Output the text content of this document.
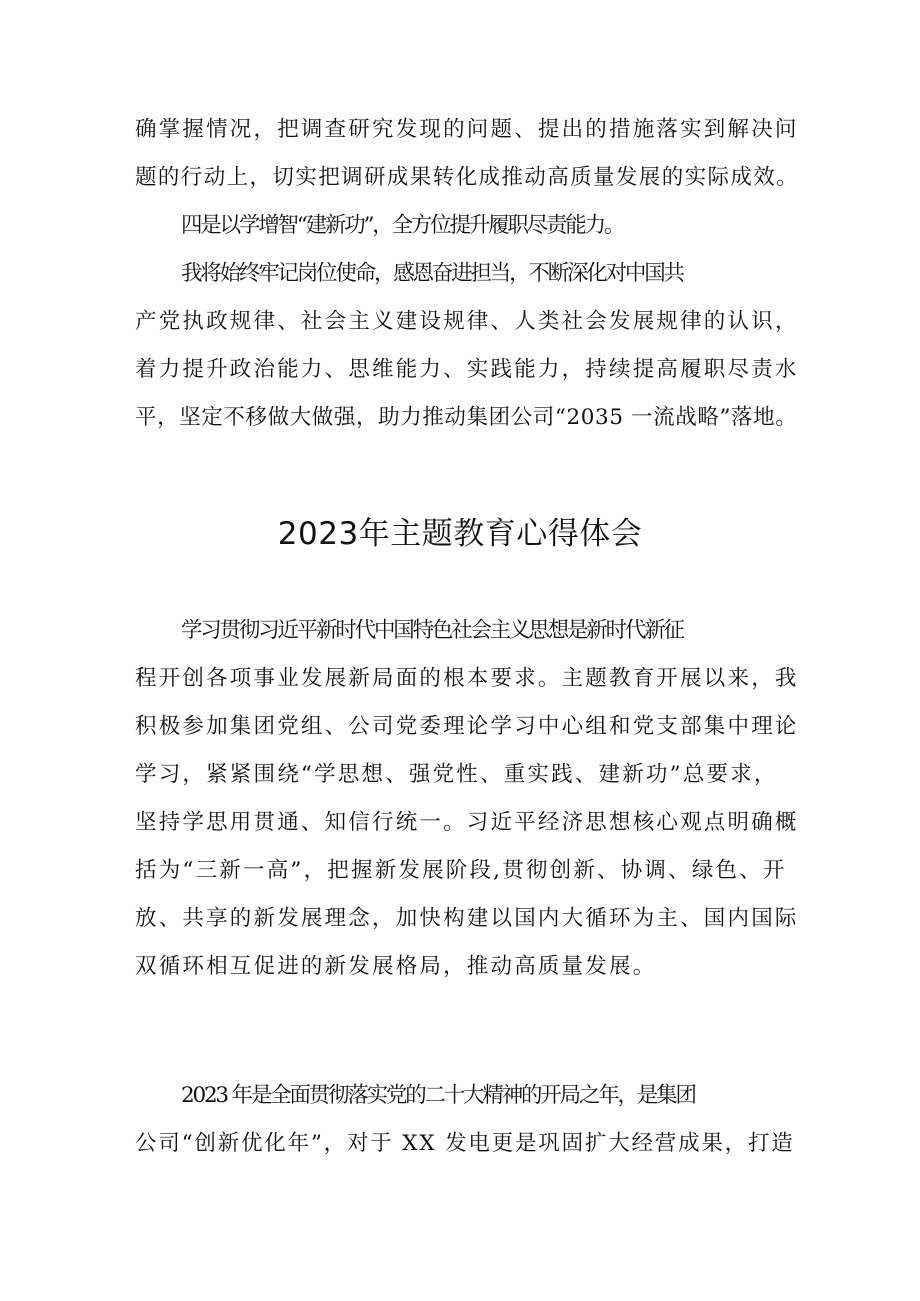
确掌握情况，把调查研究发现的问题、提出的措施落实到解决问
题的行动上，切实把调研成果转化成推动高质量发展的实际成效。
四是以学增智“建新功”，全方位提升履职尽责能力。
我将始终牢记岗位使命，感恩奋进担当，不断深化对中国共
产党执政规律、社会主义建设规律、人类社会发展规律的认识，
着力提升政治能力、思维能力、实践能力，持续提高履职尽责水
平，坚定不移做大做强，助力推动集团公司“2035 一流战略”落地。
2023年主题教育心得体会
学习贯彻习近平新时代中国特色社会主义思想是新时代新征
程开创各项事业发展新局面的根本要求。主题教育开展以来，我
积极参加集团党组、公司党委理论学习中心组和党支部集中理论
学习，紧紧围绕“学思想、强党性、重实践、建新功”总要求，
坚持学思用贯通、知信行统一。习近平经济思想核心观点明确概
括为“三新一高”，把握新发展阶段,贯彻创新、协调、绿色、开
放、共享的新发展理念，加快构建以国内大循环为主、国内国际
双循环相互促进的新发展格局，推动高质量发展。
2023 年是全面贯彻落实党的二十大精神的开局之年，是集团
公司“创新优化年”，对于 XX 发电更是巩固扩大经营成果，打造
